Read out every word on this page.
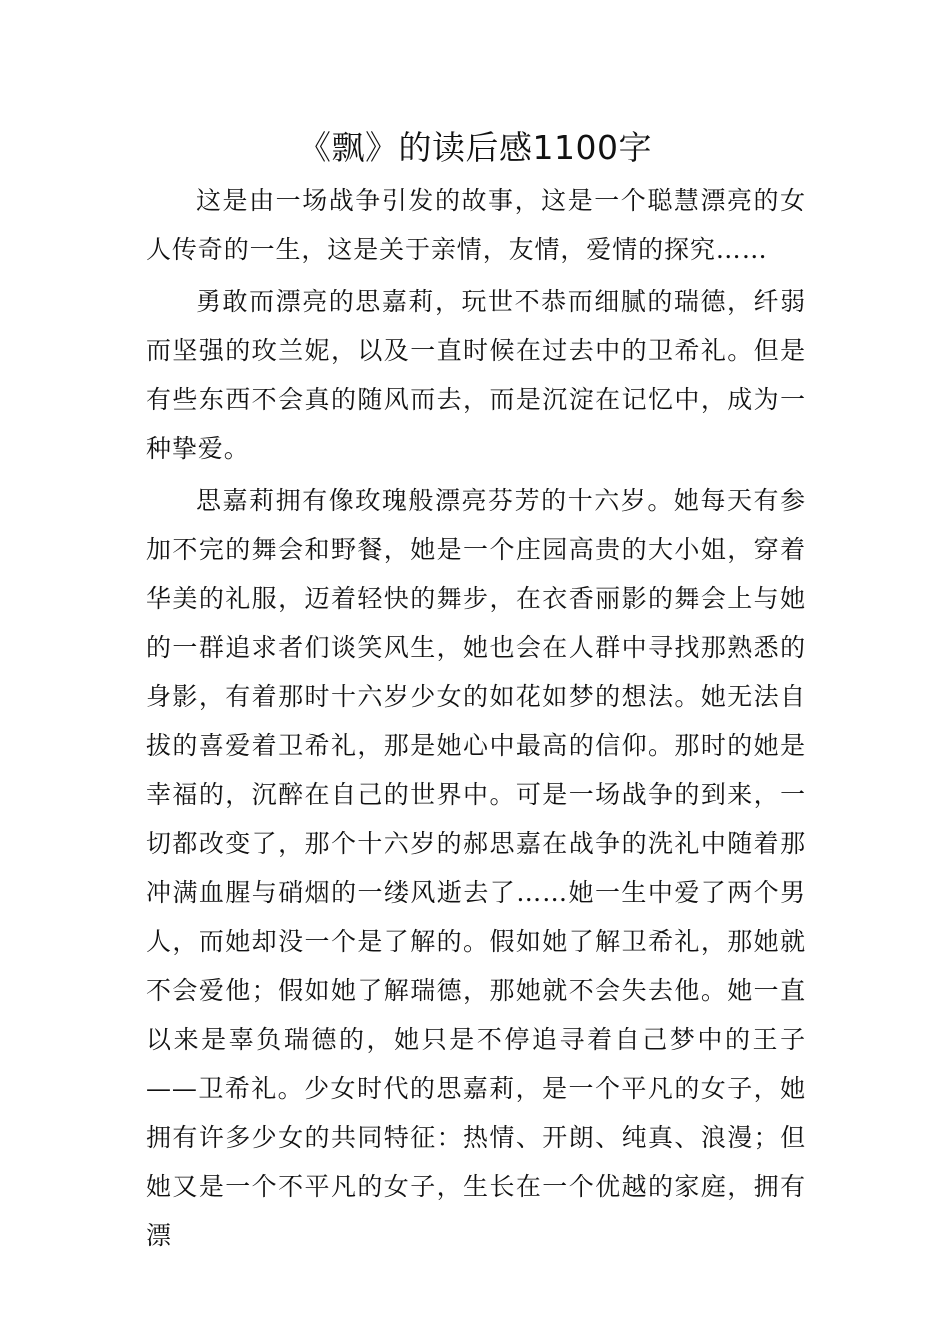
《飘》的读后感1100字

这是由一场战争引发的故事，这是一个聪慧漂亮的女人传奇的一生，这是关于亲情，友情，爱情的探究……

勇敢而漂亮的思嘉莉，玩世不恭而细腻的瑞德，纤弱而坚强的玫兰妮，以及一直时候在过去中的卫希礼。但是有些东西不会真的随风而去，而是沉淀在记忆中，成为一种挚爱。

思嘉莉拥有像玫瑰般漂亮芬芳的十六岁。她每天有参加不完的舞会和野餐，她是一个庄园高贵的大小姐，穿着华美的礼服，迈着轻快的舞步，在衣香丽影的舞会上与她的一群追求者们谈笑风生，她也会在人群中寻找那熟悉的身影，有着那时十六岁少女的如花如梦的想法。她无法自拔的喜爱着卫希礼，那是她心中最高的信仰。那时的她是幸福的，沉醉在自己的世界中。可是一场战争的到来，一切都改变了，那个十六岁的郝思嘉在战争的洗礼中随着那冲满血腥与硝烟的一缕风逝去了……她一生中爱了两个男人，而她却没一个是了解的。假如她了解卫希礼，那她就不会爱他；假如她了解瑞德，那她就不会失去他。她一直以来是辜负瑞德的，她只是不停追寻着自己梦中的王子——卫希礼。少女时代的思嘉莉，是一个平凡的女子，她拥有许多少女的共同特征：热情、开朗、纯真、浪漫；但她又是一个不平凡的女子，生长在一个优越的家庭，拥有漂
